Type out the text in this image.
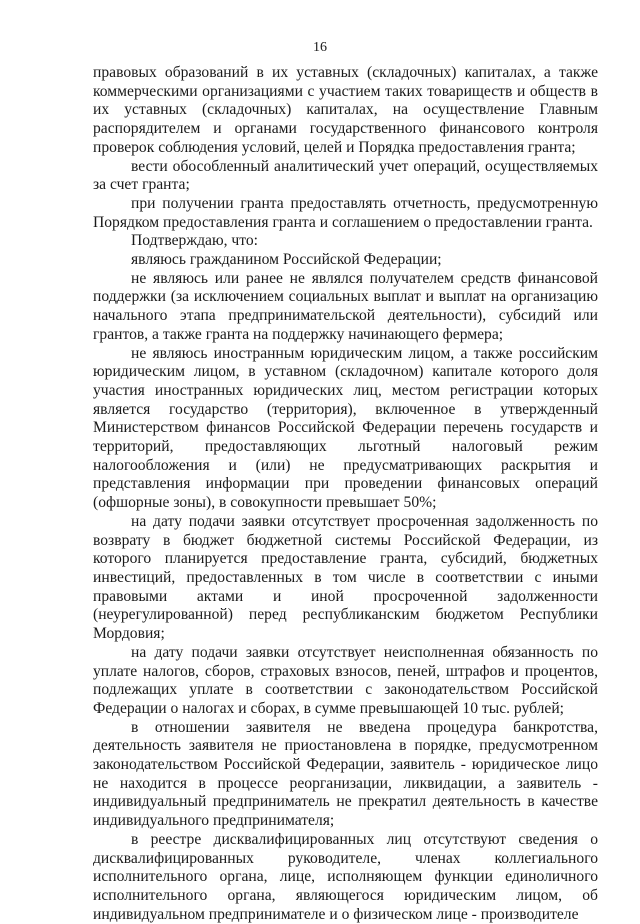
16

правовых образований в их уставных (складочных) капиталах, а также коммерческими организациями с участием таких товариществ и обществ в их уставных (складочных) капиталах, на осуществление Главным распорядителем и органами государственного финансового контроля проверок соблюдения условий, целей и Порядка предоставления гранта;

вести обособленный аналитический учет операций, осуществляемых за счет гранта;

при получении гранта предоставлять отчетность, предусмотренную Порядком предоставления гранта и соглашением о предоставлении гранта.

Подтверждаю, что:

являюсь гражданином Российской Федерации;

не являюсь или ранее не являлся получателем средств финансовой поддержки (за исключением социальных выплат и выплат на организацию начального этапа предпринимательской деятельности), субсидий или грантов, а также гранта на поддержку начинающего фермера;

не являюсь иностранным юридическим лицом, а также российским юридическим лицом, в уставном (складочном) капитале которого доля участия иностранных юридических лиц, местом регистрации которых является государство (территория), включенное в утвержденный Министерством финансов Российской Федерации перечень государств и территорий, предоставляющих льготный налоговый режим налогообложения и (или) не предусматривающих раскрытия и представления информации при проведении финансовых операций (офшорные зоны), в совокупности превышает 50%;

на дату подачи заявки отсутствует просроченная задолженность по возврату в бюджет бюджетной системы Российской Федерации, из которого планируется предоставление гранта, субсидий, бюджетных инвестиций, предоставленных в том числе в соответствии с иными правовыми актами и иной просроченной задолженности (неурегулированной) перед республиканским бюджетом Республики Мордовия;

на дату подачи заявки отсутствует неисполненная обязанность по уплате налогов, сборов, страховых взносов, пеней, штрафов и процентов, подлежащих уплате в соответствии с законодательством Российской Федерации о налогах и сборах, в сумме превышающей 10 тыс. рублей;

в отношении заявителя не введена процедура банкротства, деятельность заявителя не приостановлена в порядке, предусмотренном законодательством Российской Федерации, заявитель - юридическое лицо не находится в процессе реорганизации, ликвидации, а заявитель - индивидуальный предприниматель не прекратил деятельность в качестве индивидуального предпринимателя;

в реестре дисквалифицированных лиц отсутствуют сведения о дисквалифицированных руководителе, членах коллегиального исполнительного органа, лице, исполняющем функции единоличного исполнительного органа, являющегося юридическим лицом, об индивидуальном предпринимателе и о физическом лице - производителе
